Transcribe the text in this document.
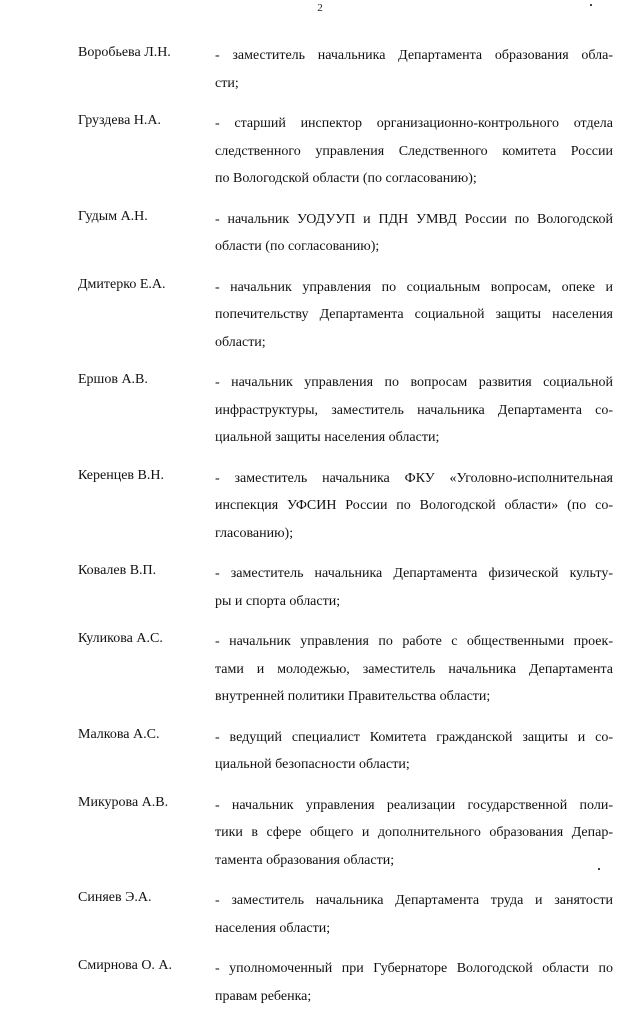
2
Воробьева Л.Н.	- заместитель начальника Департамента образования обла-
сти;
Груздева Н.А.	- старший инспектор организационно-контрольного отдела
следственного управления Следственного комитета России
по Вологодской области (по согласованию);
Гудым А.Н.	- начальник УОДУУП и ПДН УМВД России по Вологодской
области (по согласованию);
Дмитерко Е.А.	- начальник управления по социальным вопросам, опеке и
попечительству Департамента социальной защиты населения
области;
Ершов А.В.	- начальник управления по вопросам развития социальной
инфраструктуры, заместитель начальника Департамента со-
циальной защиты населения области;
Керенцев В.Н.	- заместитель начальника ФКУ «Уголовно-исполнительная
инспекция УФСИН России по Вологодской области» (по со-
гласованию);
Ковалев В.П.	- заместитель начальника Департамента физической культу-
ры и спорта области;
Куликова А.С.	- начальник управления по работе с общественными проек-
тами и молодежью, заместитель начальника Департамента
внутренней политики Правительства области;
Малкова А.С.	- ведущий специалист Комитета гражданской защиты и со-
циальной безопасности области;
Микурова А.В.	- начальник управления реализации государственной поли-
тики в сфере общего и дополнительного образования Депар-
тамента образования области;
Синяев Э.А.	- заместитель начальника Департамента труда и занятости
населения области;
Смирнова О. А.	- уполномоченный при Губернаторе Вологодской области по
правам ребенка;
